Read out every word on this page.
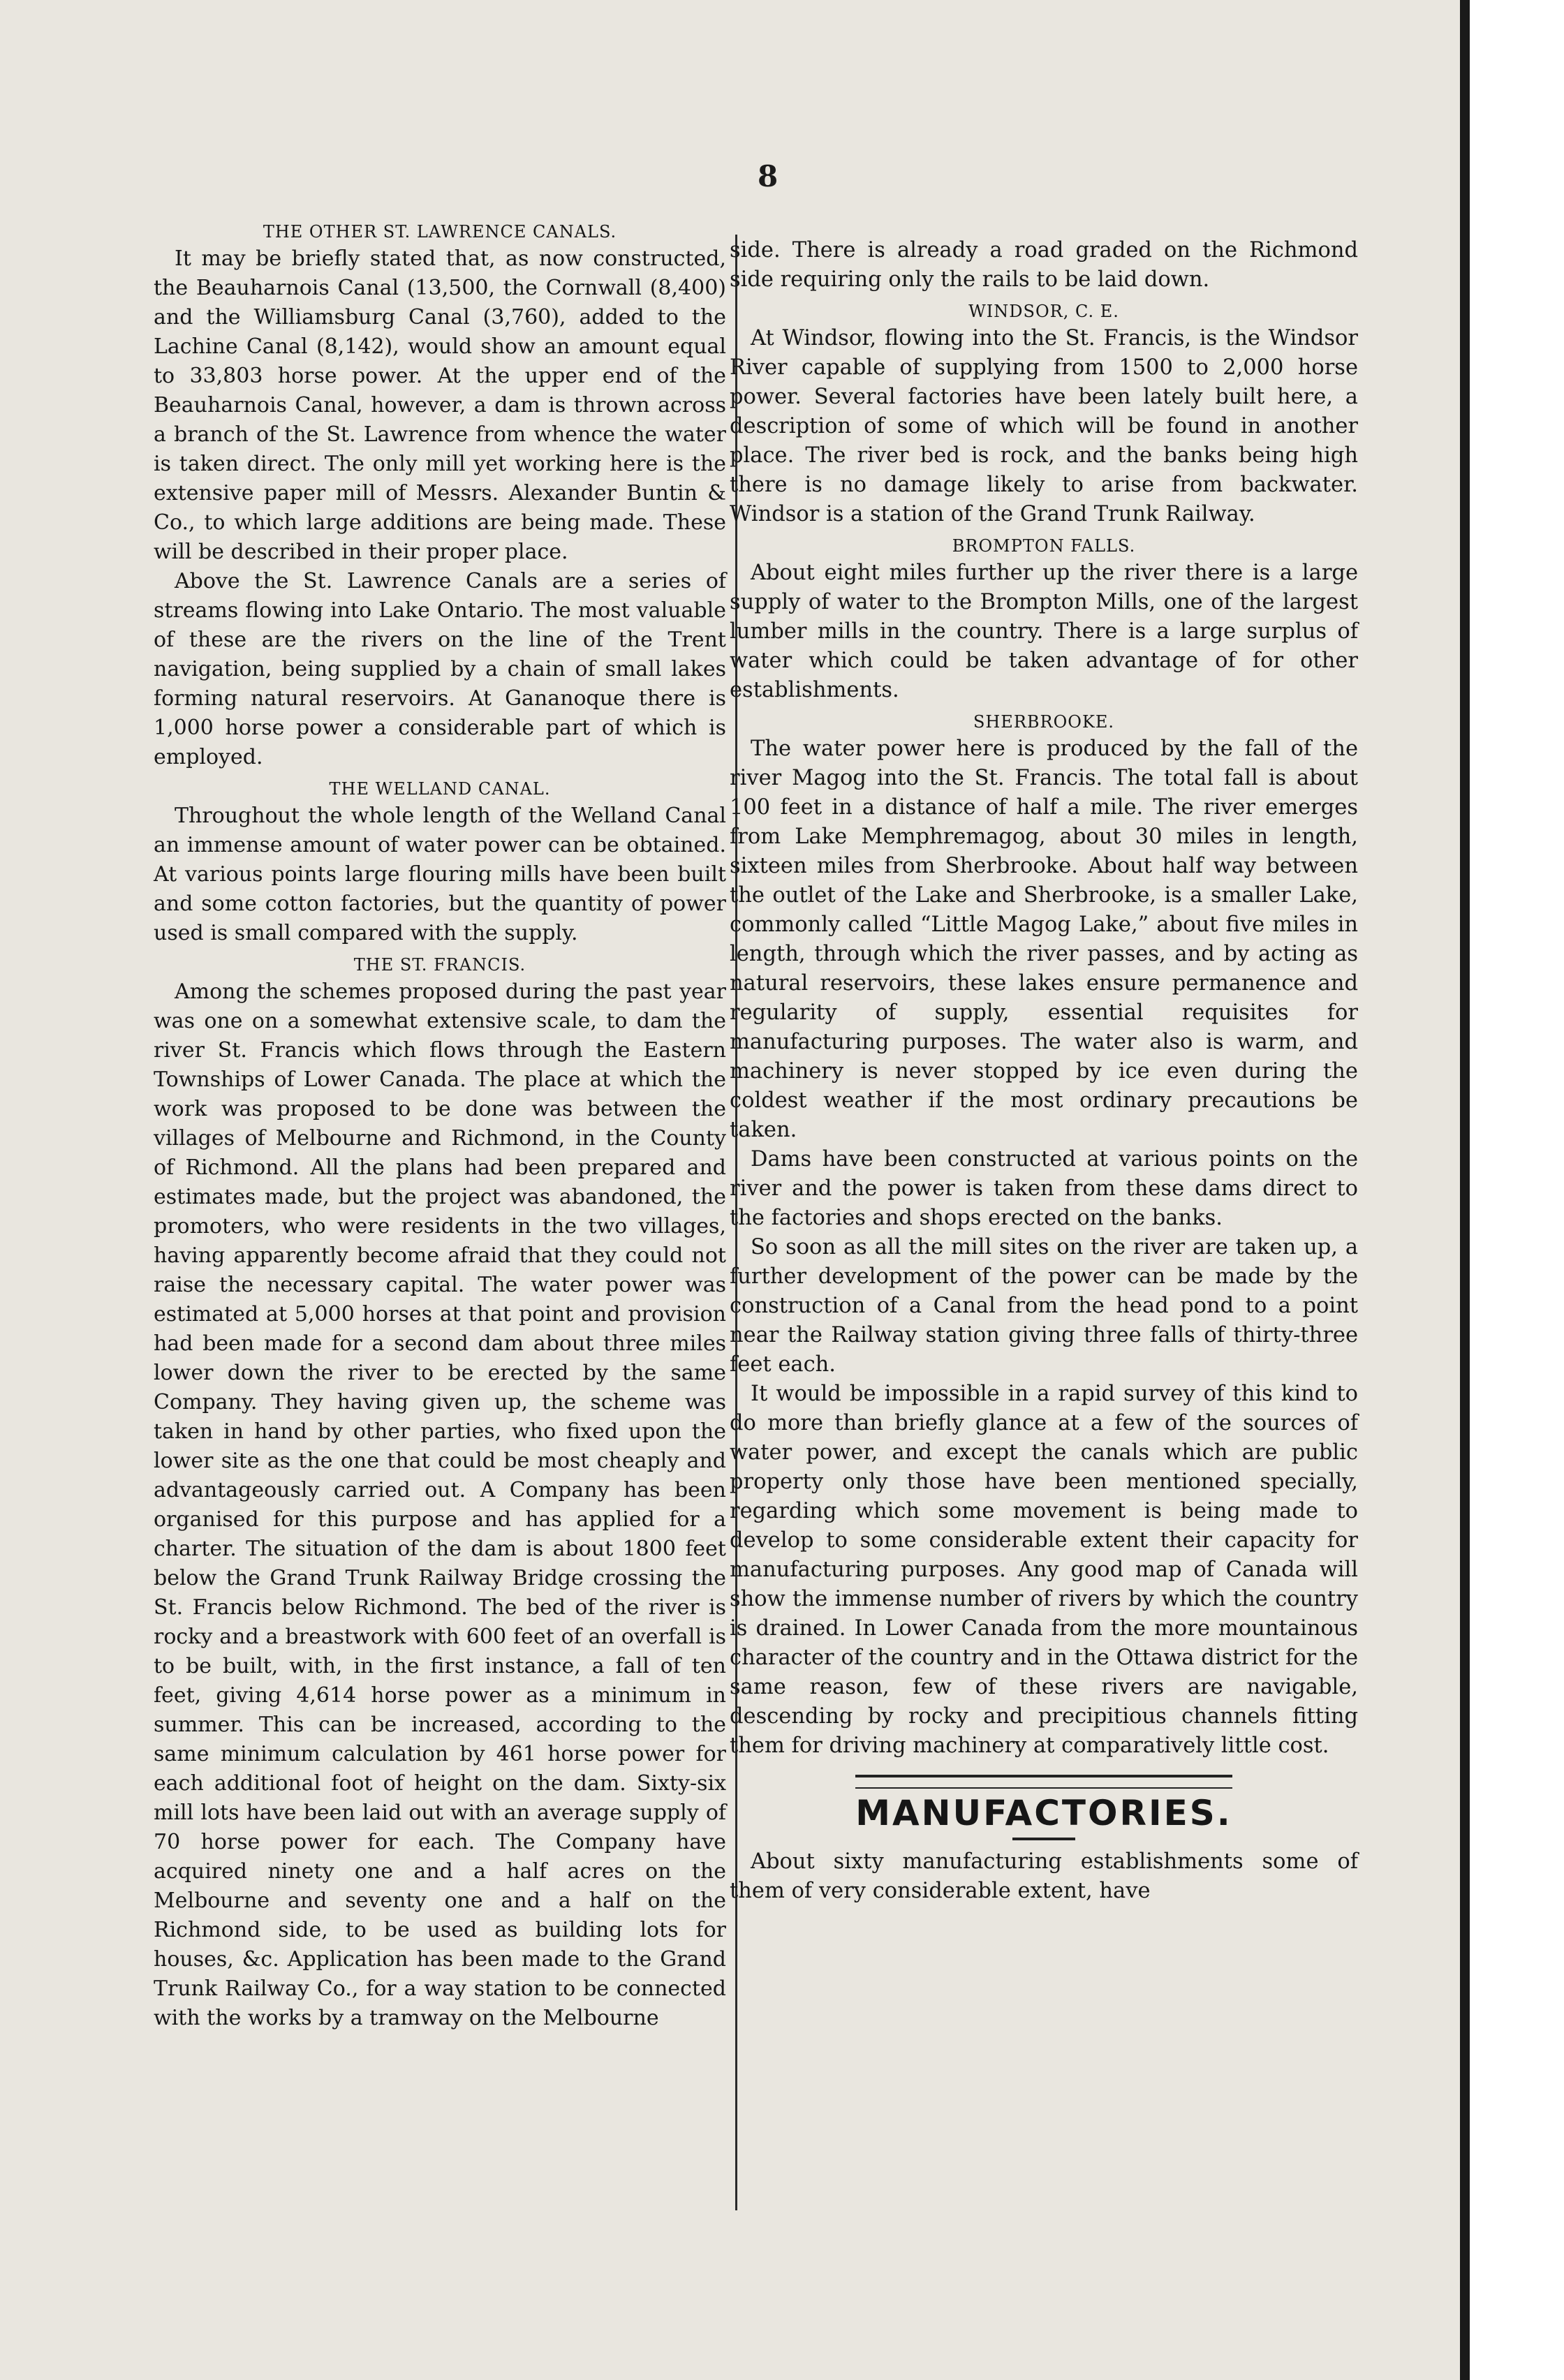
8
THE OTHER ST. LAWRENCE CANALS.

It may be briefly stated that, as now constructed, the Beauharnois Canal (13,500, the Cornwall (8,400) and the Williamsburg Canal (3,760), added to the Lachine Canal (8,142), would show an amount equal to 33,803 horse power. At the upper end of the Beauharnois Canal, however, a dam is thrown across a branch of the St. Lawrence from whence the water is taken direct. The only mill yet working here is the extensive paper mill of Messrs. Alexander Buntin & Co., to which large additions are being made. These will be described in their proper place.

Above the St. Lawrence Canals are a series of streams flowing into Lake Ontario. The most valuable of these are the rivers on the line of the Trent navigation, being supplied by a chain of small lakes forming natural reservoirs. At Gananoque there is 1,000 horse power a considerable part of which is employed.

THE WELLAND CANAL.

Throughout the whole length of the Welland Canal an immense amount of water power can be obtained. At various points large flouring mills have been built and some cotton factories, but the quantity of power used is small compared with the supply.

THE ST. FRANCIS.

Among the schemes proposed during the past year was one on a somewhat extensive scale, to dam the river St. Francis which flows through the Eastern Townships of Lower Canada. The place at which the work was proposed to be done was between the villages of Melbourne and Richmond, in the County of Richmond. All the plans had been prepared and estimates made, but the project was abandoned, the promoters, who were residents in the two villages, having apparently become afraid that they could not raise the necessary capital. The water power was estimated at 5,000 horses at that point and provision had been made for a second dam about three miles lower down the river to be erected by the same Company. They having given up, the scheme was taken in hand by other parties, who fixed upon the lower site as the one that could be most cheaply and advantageously carried out. A Company has been organised for this purpose and has applied for a charter. The situation of the dam is about 1800 feet below the Grand Trunk Railway Bridge crossing the St. Francis below Richmond. The bed of the river is rocky and a breastwork with 600 feet of an overfall is to be built, with, in the first instance, a fall of ten feet, giving 4,614 horse power as a minimum in summer. This can be increased, according to the same minimum calculation by 461 horse power for each additional foot of height on the dam. Sixty-six mill lots have been laid out with an average supply of 70 horse power for each. The Company have acquired ninety one and a half acres on the Melbourne and seventy one and a half on the Richmond side, to be used as building lots for houses, &c. Application has been made to the Grand Trunk Railway Co., for a way station to be connected with the works by a tramway on the Melbourne

side. There is already a road graded on the Richmond side requiring only the rails to be laid down.

WINDSOR, C. E.

At Windsor, flowing into the St. Francis, is the Windsor River capable of supplying from 1500 to 2,000 horse power. Several factories have been lately built here, a description of some of which will be found in another place. The river bed is rock, and the banks being high there is no damage likely to arise from backwater. Windsor is a station of the Grand Trunk Railway.

BROMPTON FALLS.

About eight miles further up the river there is a large supply of water to the Brompton Mills, one of the largest lumber mills in the country. There is a large surplus of water which could be taken advantage of for other establishments.

SHERBROOKE.

The water power here is produced by the fall of the river Magog into the St. Francis. The total fall is about 100 feet in a distance of half a mile. The river emerges from Lake Memphremagog, about 30 miles in length, sixteen miles from Sherbrooke. About half way between the outlet of the Lake and Sherbrooke, is a smaller Lake, commonly called “Little Magog Lake,” about five miles in length, through which the river passes, and by acting as natural reservoirs, these lakes ensure permanence and regularity of supply, essential requisites for manufacturing purposes. The water also is warm, and machinery is never stopped by ice even during the coldest weather if the most ordinary precautions be taken.

Dams have been constructed at various points on the river and the power is taken from these dams direct to the factories and shops erected on the banks.

So soon as all the mill sites on the river are taken up, a further development of the power can be made by the construction of a Canal from the head pond to a point near the Railway station giving three falls of thirty-three feet each.

It would be impossible in a rapid survey of this kind to do more than briefly glance at a few of the sources of water power, and except the canals which are public property only those have been mentioned specially, regarding which some movement is being made to develop to some considerable extent their capacity for manufacturing purposes. Any good map of Canada will show the immense number of rivers by which the country is drained. In Lower Canada from the more mountainous character of the country and in the Ottawa district for the same reason, few of these rivers are navigable, descending by rocky and precipitious channels fitting them for driving machinery at comparatively little cost.

MANUFACTORIES.

About sixty manufacturing establishments some of them of very considerable extent, have
